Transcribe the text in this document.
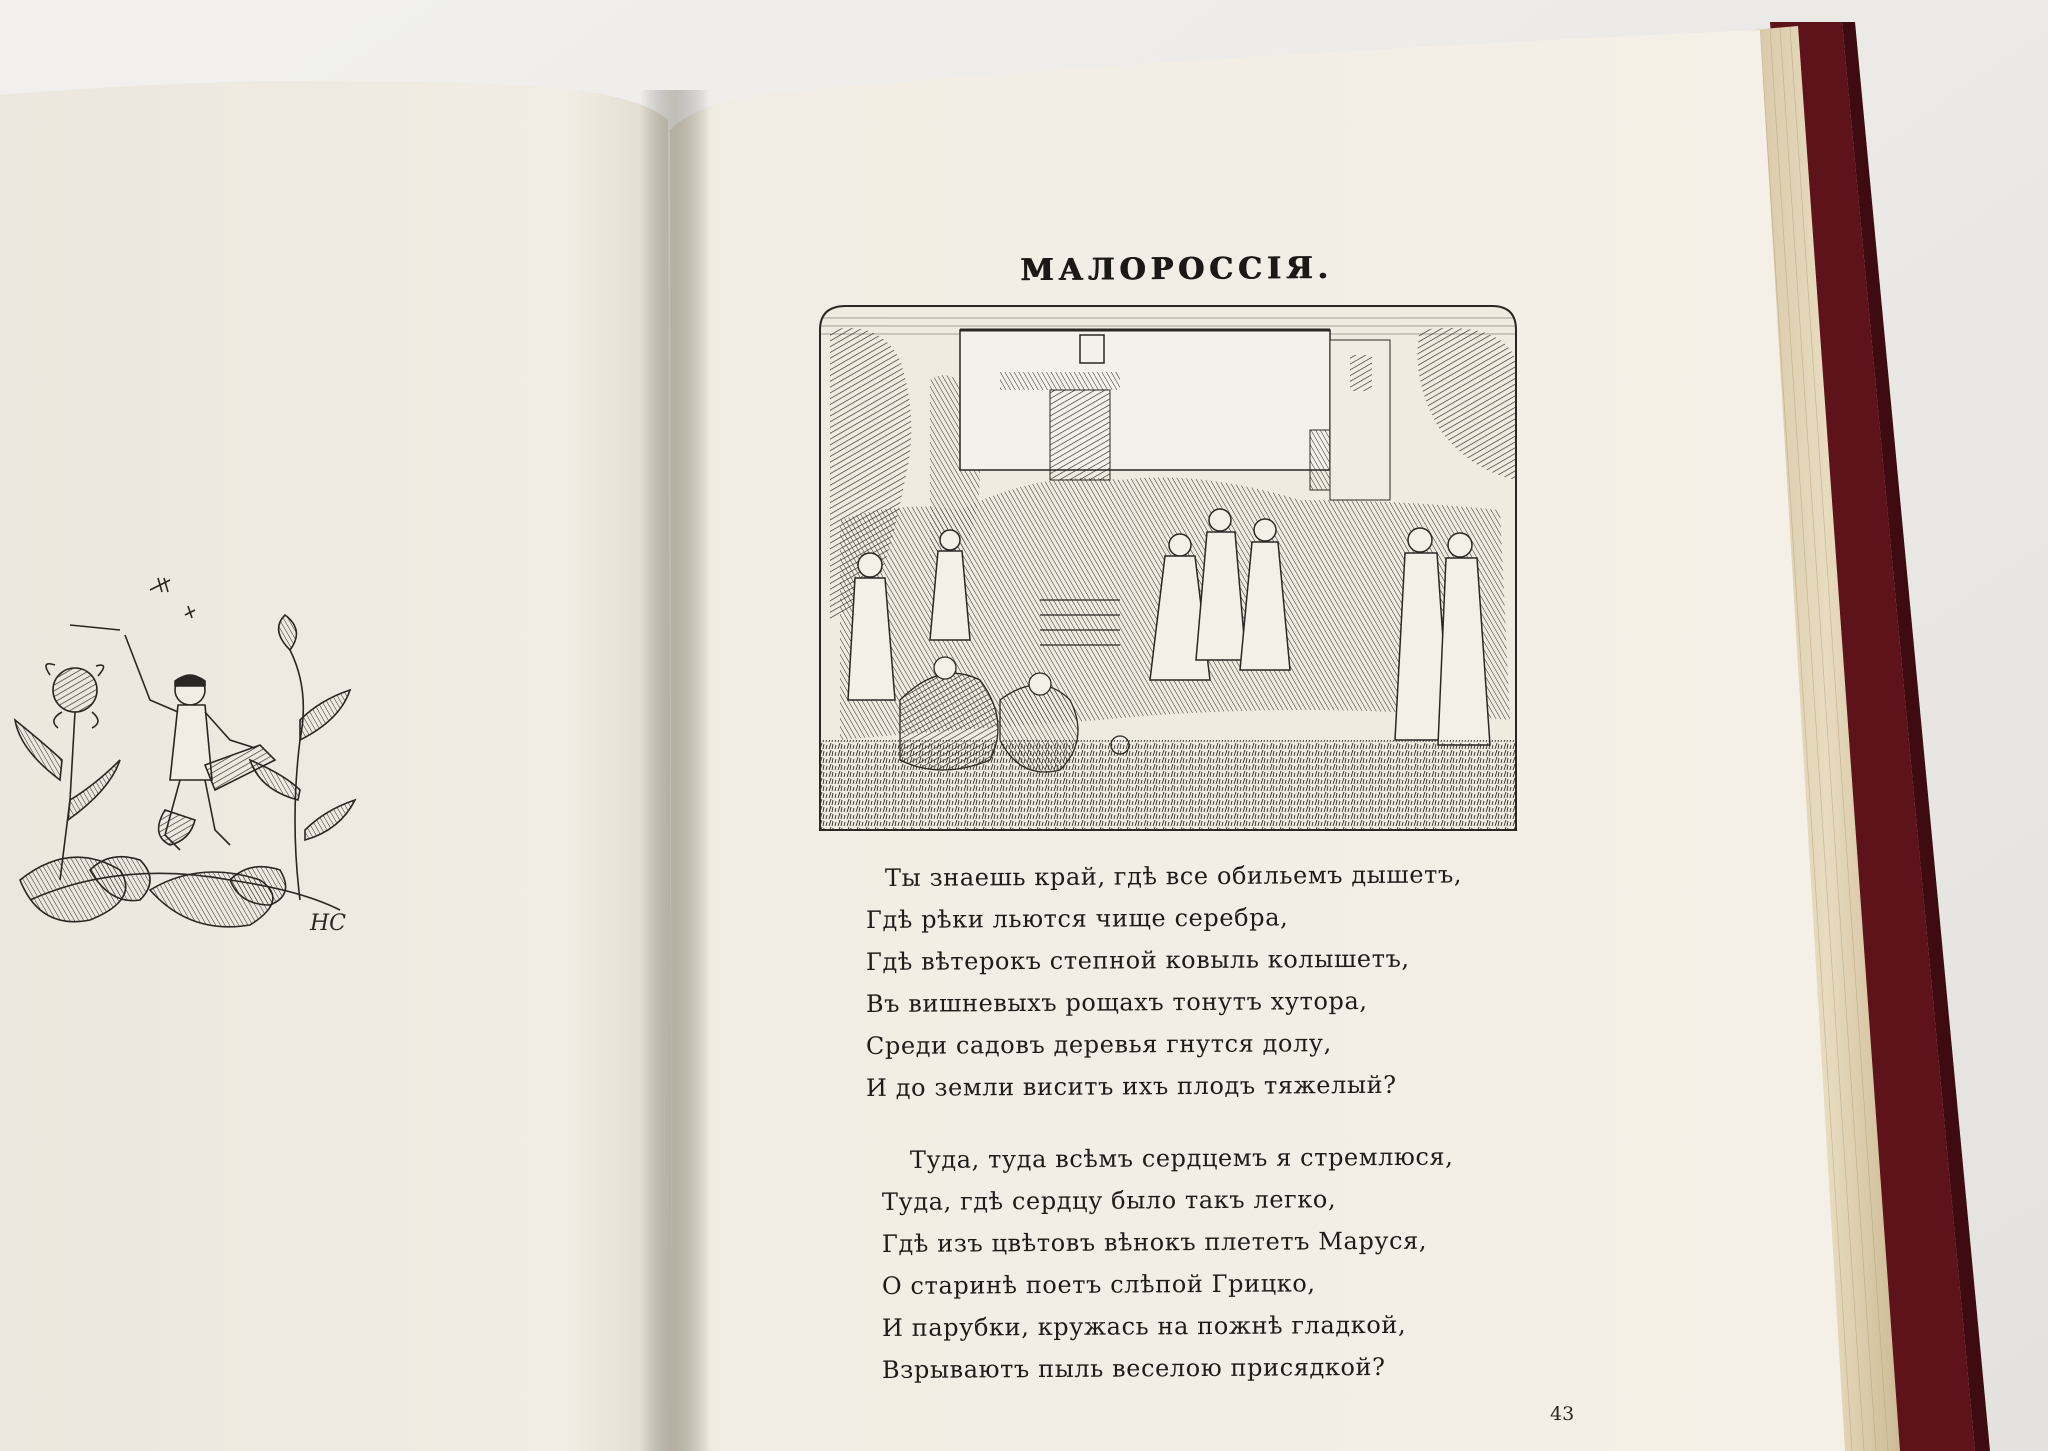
МАЛОРОССІЯ.
НС
Ты знаешь край, гдѣ все обильемъ дышетъ,
Гдѣ рѣки льются чище серебра,
Гдѣ вѣтерокъ степной ковыль колышетъ,
Въ вишневыхъ рощахъ тонутъ хутора,
Среди садовъ деревья гнутся долу,
И до земли виситъ ихъ плодъ тяжелый?
Туда, туда всѣмъ сердцемъ я стремлюся,
Туда, гдѣ сердцу было такъ легко,
Гдѣ изъ цвѣтовъ вѣнокъ плететъ Маруся,
О старинѣ поетъ слѣпой Грицко,
И парубки, кружась на пожнѣ гладкой,
Взрываютъ пыль веселою присядкой?
43
